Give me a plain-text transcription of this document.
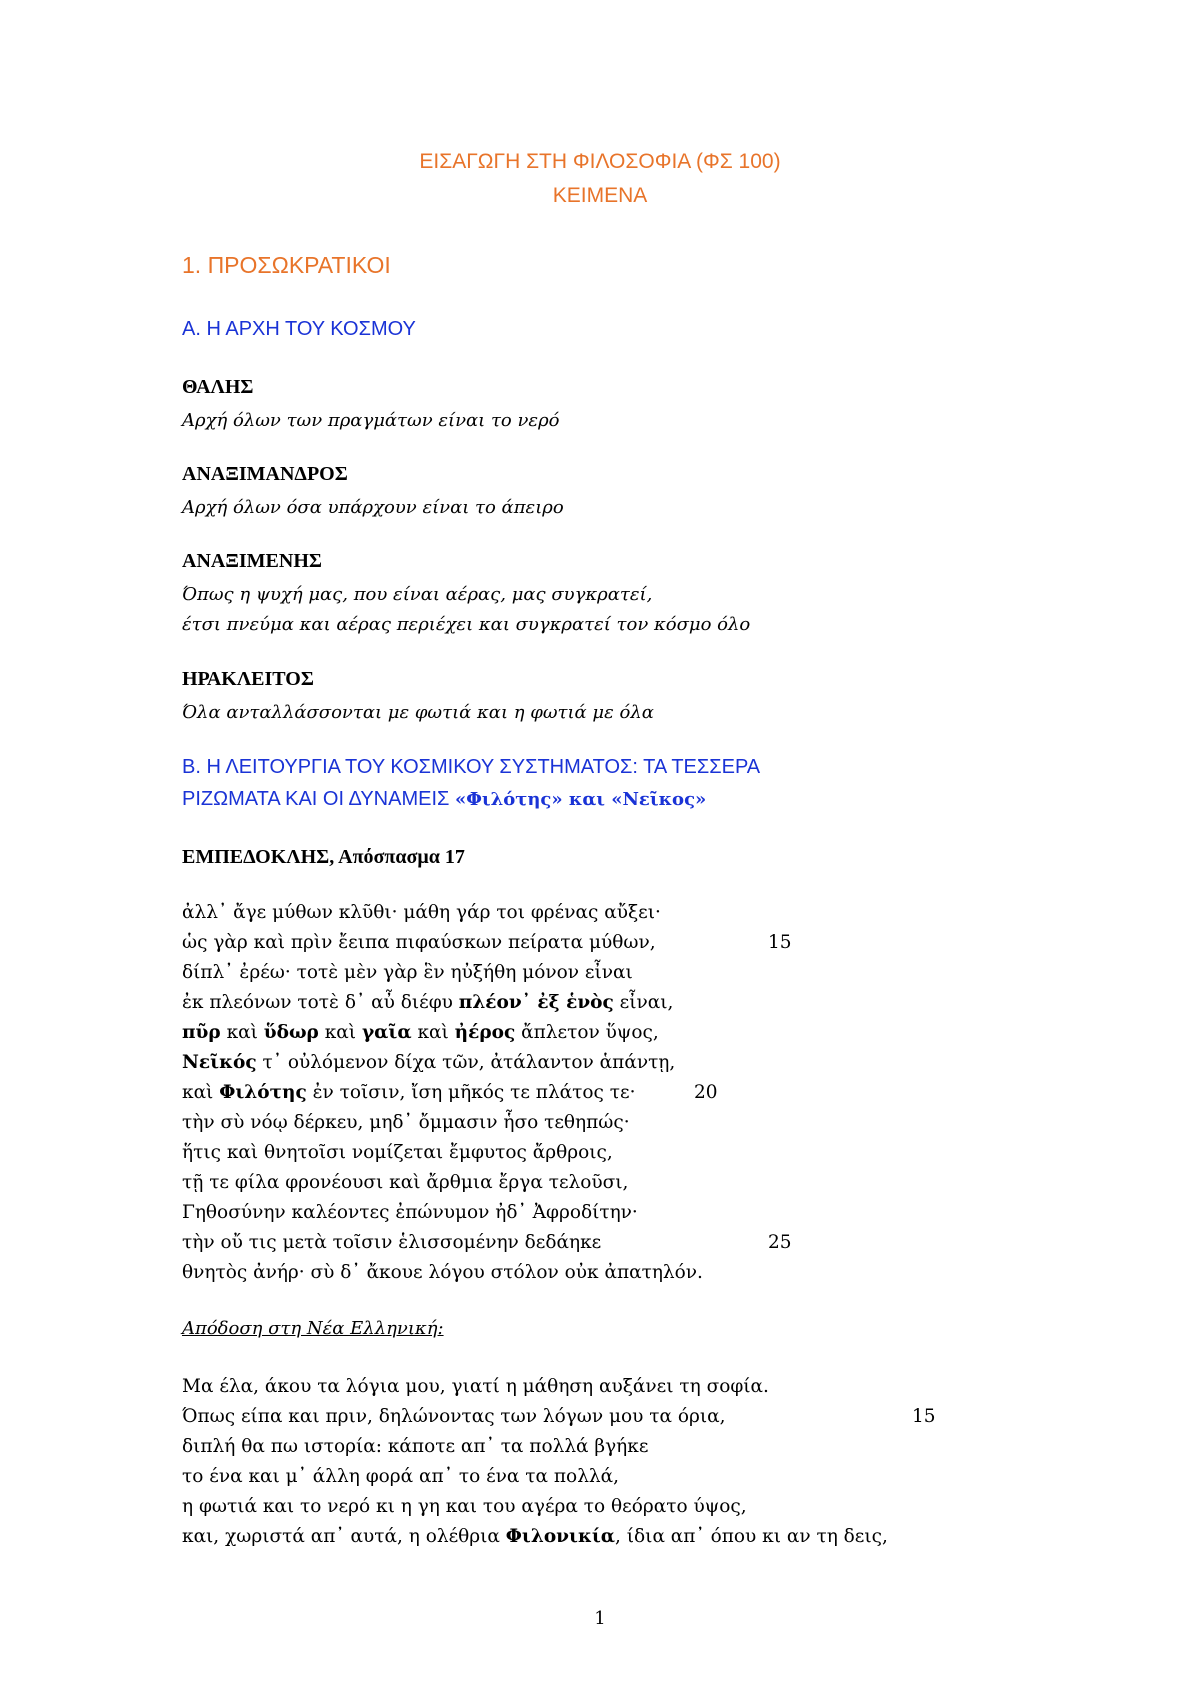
ΕΙΣΑΓΩΓΗ ΣΤΗ ΦΙΛΟΣΟΦΙΑ (ΦΣ 100)
ΚΕΙΜΕΝΑ
1. ΠΡΟΣΩΚΡΑΤΙΚΟΙ
Α. Η ΑΡΧΗ ΤΟΥ ΚΟΣΜΟΥ
ΘΑΛΗΣ
Αρχή όλων των πραγμάτων είναι το νερό
ΑΝΑΞΙΜΑΝΔΡΟΣ
Αρχή όλων όσα υπάρχουν είναι το άπειρο
ΑΝΑΞΙΜΕΝΗΣ
Όπως η ψυχή μας, που είναι αέρας, μας συγκρατεί,
έτσι πνεύμα και αέρας περιέχει και συγκρατεί τον κόσμο όλο
ΗΡΑΚΛΕΙΤΟΣ
Όλα ανταλλάσσονται με φωτιά και η φωτιά με όλα
Β. Η ΛΕΙΤΟΥΡΓΙΑ ΤΟΥ ΚΟΣΜΙΚΟΥ ΣΥΣΤΗΜΑΤΟΣ: ΤΑ ΤΕΣΣΕΡΑ
ΡΙΖΩΜΑΤΑ ΚΑΙ ΟΙ ΔΥΝΑΜΕΙΣ «Φιλότης» και «Νεῖκος»
ΕΜΠΕΔΟΚΛΗΣ, Απόσπασμα 17
ἀλλ᾽ ἄγε μύθων κλῦθι· μάθη γάρ τοι φρένας αὔξει·
ὡς γὰρ καὶ πρὶν ἔειπα πιφαύσκων πείρατα μύθων,	15
δίπλ᾽ ἐρέω· τοτὲ μὲν γὰρ ἓν ηὐξήθη μόνον εἶναι
ἐκ πλεόνων τοτὲ δ᾽ αὖ διέφυ πλέον᾽ ἐξ ἑνὸς εἶναι,
πῦρ καὶ ὕδωρ καὶ γαῖα καὶ ἠέρος ἄπλετον ὕψος,
Νεῖκός τ᾽ οὐλόμενον δίχα τῶν, ἀτάλαντον ἁπάντῃ,
καὶ Φιλότης ἐν τοῖσιν, ἴση μῆκός τε πλάτος τε·	20
τὴν σὺ νόῳ δέρκευ, μηδ᾽ ὄμμασιν ἧσο τεθηπώς·
ἥτις καὶ θνητοῖσι νομίζεται ἔμφυτος ἄρθροις,
τῇ τε φίλα φρονέουσι καὶ ἄρθμια ἔργα τελοῦσι,
Γηθοσύνην καλέοντες ἐπώνυμον ἠδ᾽ Ἀφροδίτην·
τὴν οὔ τις μετὰ τοῖσιν ἑλισσομένην δεδάηκε	25
θνητὸς ἀνήρ· σὺ δ᾽ ἄκουε λόγου στόλον οὐκ ἀπατηλόν.
Απόδοση στη Νέα Ελληνική:
Μα έλα, άκου τα λόγια μου, γιατί η μάθηση αυξάνει τη σοφία.
Όπως είπα και πριν, δηλώνοντας των λόγων μου τα όρια,	15
διπλή θα πω ιστορία: κάποτε απ᾽ τα πολλά βγήκε
το ένα και μ᾽ άλλη φορά απ᾽ το ένα τα πολλά,
η φωτιά και το νερό κι η γη και του αγέρα το θεόρατο ύψος,
και, χωριστά απ᾽ αυτά, η ολέθρια Φιλονικία, ίδια απ᾽ όπου κι αν τη δεις,
1
